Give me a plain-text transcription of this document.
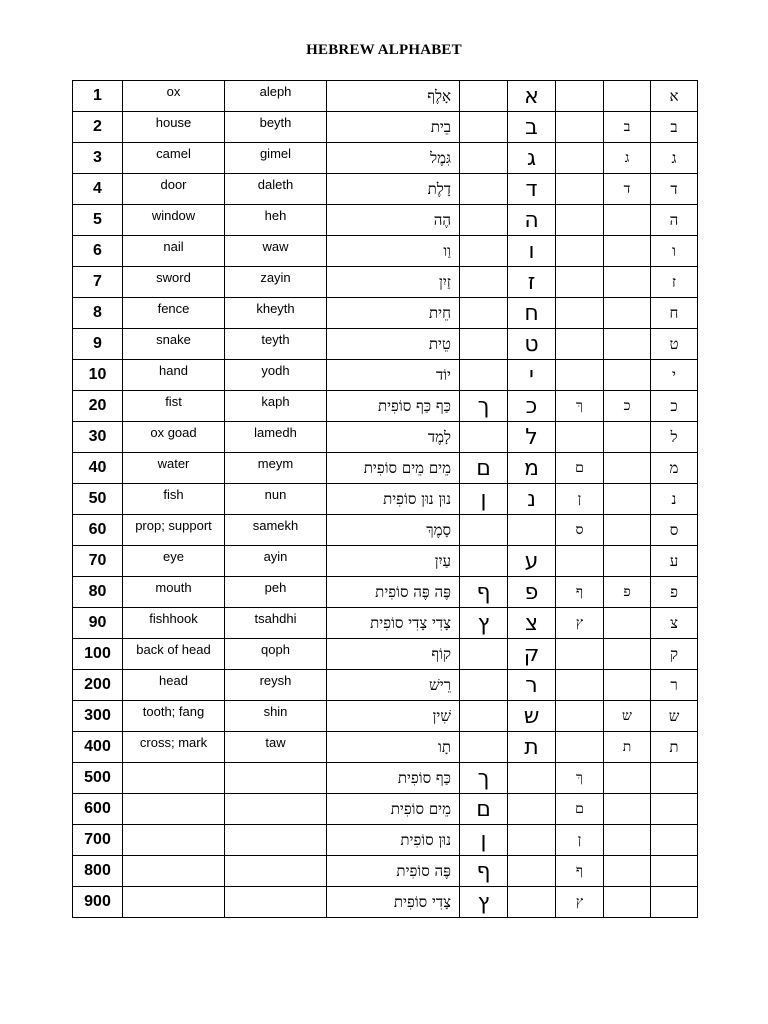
HEBREW ALPHABET
1	ox	aleph	אָלֶף		א			א
2	house	beyth	בֵית		ב		ב	ב
3	camel	gimel	גִּמֶל		ג		ג	ג
4	door	daleth	דָלֶת		ד		ד	ד
5	window	heh	הֶה		ה			ה
6	nail	waw	וַו		ו			ו
7	sword	zayin	זַיִן		ז			ז
8	fence	kheyth	חֵית		ח			ח
9	snake	teyth	טֵית		ט			ט
10	hand	yodh	יוֹד		י			י
20	fist	kaph	כַּף כַּף סוֹפִית	ך	כ	ךּ	כ	כ
30	ox goad	lamedh	לָמֶד		ל			ל
40	water	meym	מֵים מֵים סוֹפִית	ם	מ	ם		מ
50	fish	nun	נוּן נוּן סוֹפִית	ן	נ	ן		נ
60	prop; support	samekh	סָמֶךְ			ס		ס
70	eye	ayin	עַיִן		ע			ע
80	mouth	peh	פֶּה פֶּה סוֹפִית	ף	פ	ף	פ	פ
90	fishhook	tsahdhi	צָדִי צָדִי סוֹפִית	ץ	צ	ץ		צ
100	back of head	qoph	קוֹף		ק			ק
200	head	reysh	רֵישׁ		ר			ר
300	tooth; fang	shin	שִׁין		ש		ש	ש
400	cross; mark	taw	תָו		ת		ת	ת
500			כַּף סוֹפִית	ך		ךּ		
600			מֵים סוֹפִית	ם		ם		
700			נוּן סוֹפִית	ן		ן		
800			פֶּה סוֹפִית	ף		ף		
900			צָדִי סוֹפִית	ץ		ץ		
